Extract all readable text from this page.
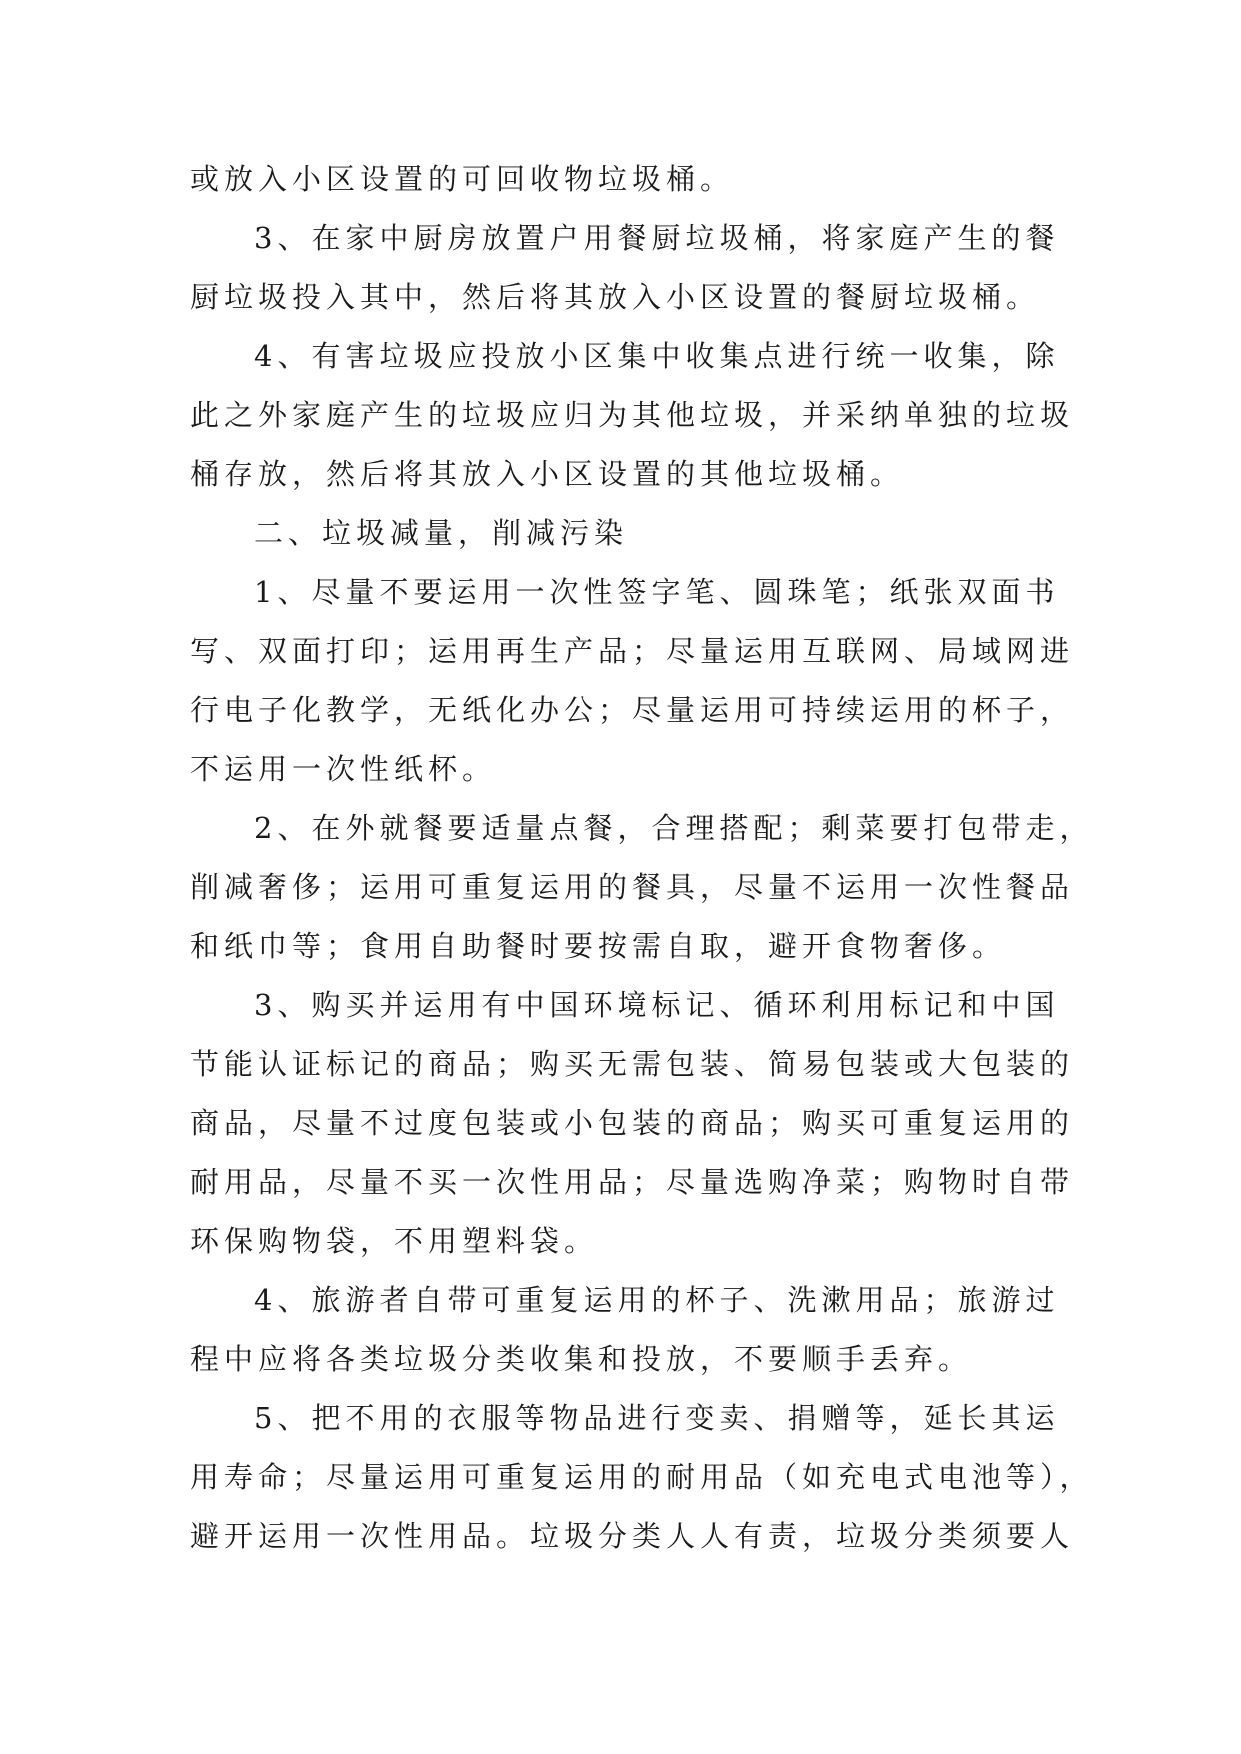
或放入小区设置的可回收物垃圾桶。
3、在家中厨房放置户用餐厨垃圾桶，将家庭产生的餐
厨垃圾投入其中，然后将其放入小区设置的餐厨垃圾桶。
4、有害垃圾应投放小区集中收集点进行统一收集，除
此之外家庭产生的垃圾应归为其他垃圾，并采纳单独的垃圾
桶存放，然后将其放入小区设置的其他垃圾桶。
二、垃圾减量，削减污染
1、尽量不要运用一次性签字笔、圆珠笔；纸张双面书
写、双面打印；运用再生产品；尽量运用互联网、局域网进
行电子化教学，无纸化办公；尽量运用可持续运用的杯子，
不运用一次性纸杯。
2、在外就餐要适量点餐，合理搭配；剩菜要打包带走，
削减奢侈；运用可重复运用的餐具，尽量不运用一次性餐品
和纸巾等；食用自助餐时要按需自取，避开食物奢侈。
3、购买并运用有中国环境标记、循环利用标记和中国
节能认证标记的商品；购买无需包装、简易包装或大包装的
商品，尽量不过度包装或小包装的商品；购买可重复运用的
耐用品，尽量不买一次性用品；尽量选购净菜；购物时自带
环保购物袋，不用塑料袋。
4、旅游者自带可重复运用的杯子、洗漱用品；旅游过
程中应将各类垃圾分类收集和投放，不要顺手丢弃。
5、把不用的衣服等物品进行变卖、捐赠等，延长其运
用寿命；尽量运用可重复运用的耐用品（如充电式电池等），
避开运用一次性用品。垃圾分类人人有责，垃圾分类须要人
